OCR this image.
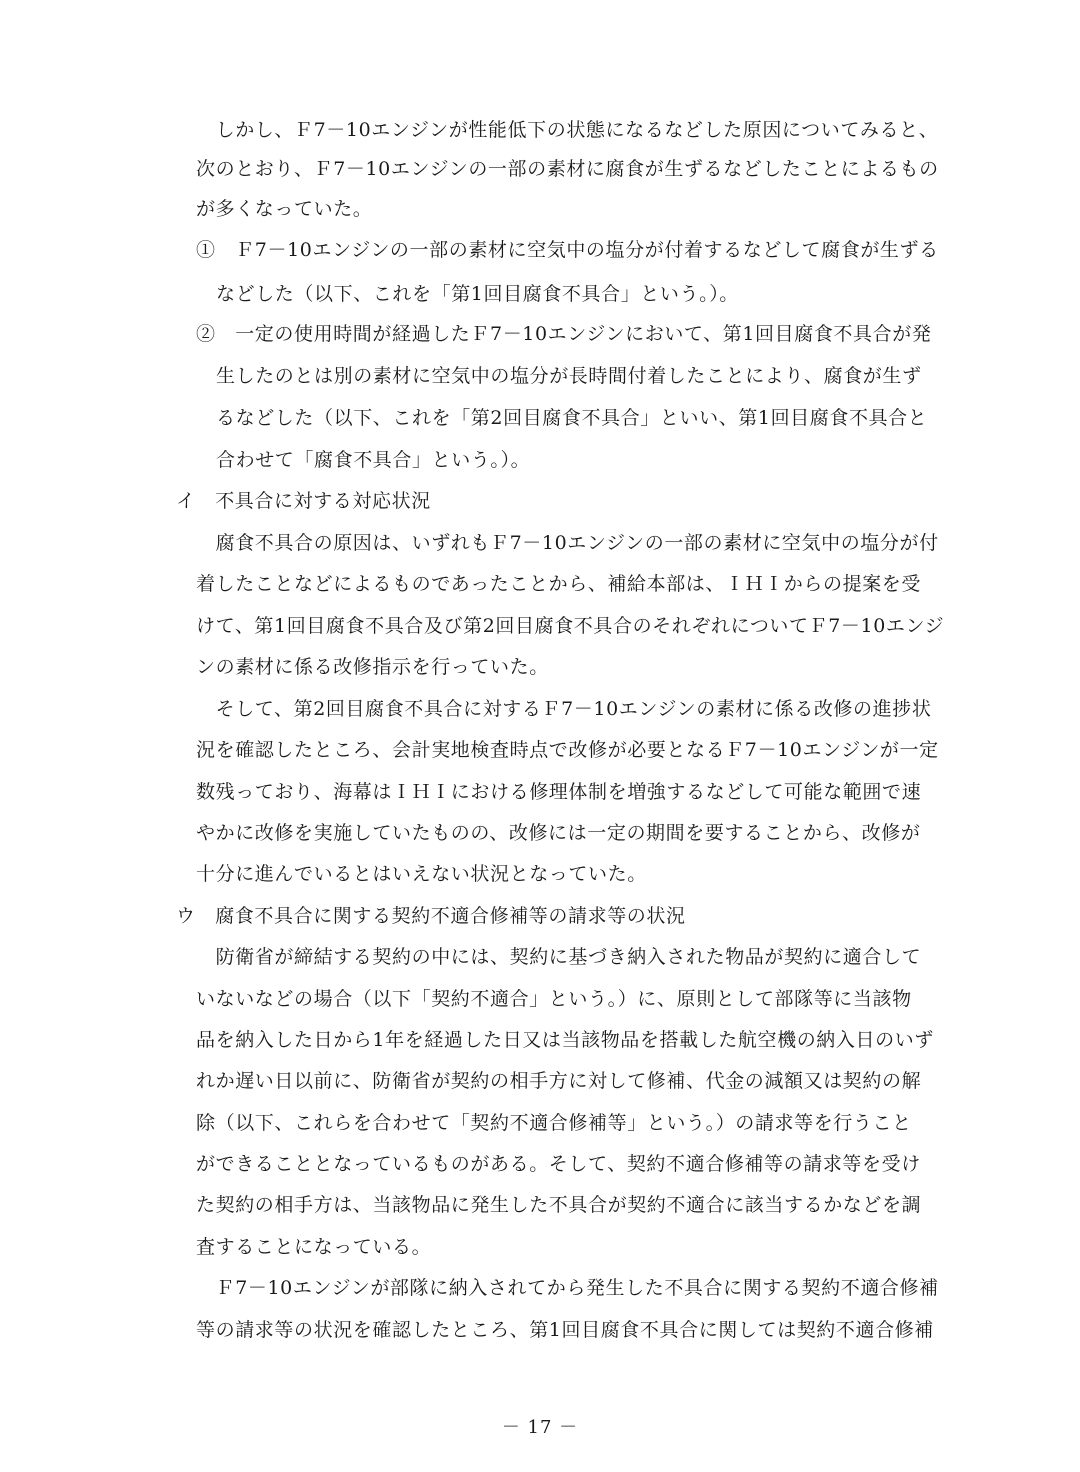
　しかし、Ｆ7－10エンジンが性能低下の状態になるなどした原因についてみると、
次のとおり、Ｆ7－10エンジンの一部の素材に腐食が生ずるなどしたことによるもの
が多くなっていた。
①　Ｆ7－10エンジンの一部の素材に空気中の塩分が付着するなどして腐食が生ずる
などした（以下、これを「第1回目腐食不具合」という。）。
②　一定の使用時間が経過したＦ7－10エンジンにおいて、第1回目腐食不具合が発
生したのとは別の素材に空気中の塩分が長時間付着したことにより、腐食が生ず
るなどした（以下、これを「第2回目腐食不具合」といい、第1回目腐食不具合と
合わせて「腐食不具合」という。）。
イ　不具合に対する対応状況
　腐食不具合の原因は、いずれもＦ7－10エンジンの一部の素材に空気中の塩分が付
着したことなどによるものであったことから、補給本部は、ＩＨＩからの提案を受
けて、第1回目腐食不具合及び第2回目腐食不具合のそれぞれについてＦ7－10エンジ
ンの素材に係る改修指示を行っていた。
　そして、第2回目腐食不具合に対するＦ7－10エンジンの素材に係る改修の進捗状
況を確認したところ、会計実地検査時点で改修が必要となるＦ7－10エンジンが一定
数残っており、海幕はＩＨＩにおける修理体制を増強するなどして可能な範囲で速
やかに改修を実施していたものの、改修には一定の期間を要することから、改修が
十分に進んでいるとはいえない状況となっていた。
ウ　腐食不具合に関する契約不適合修補等の請求等の状況
　防衛省が締結する契約の中には、契約に基づき納入された物品が契約に適合して
いないなどの場合（以下「契約不適合」という。）に、原則として部隊等に当該物
品を納入した日から1年を経過した日又は当該物品を搭載した航空機の納入日のいず
れか遅い日以前に、防衛省が契約の相手方に対して修補、代金の減額又は契約の解
除（以下、これらを合わせて「契約不適合修補等」という。）の請求等を行うこと
ができることとなっているものがある。そして、契約不適合修補等の請求等を受け
た契約の相手方は、当該物品に発生した不具合が契約不適合に該当するかなどを調
査することになっている。
　Ｆ7－10エンジンが部隊に納入されてから発生した不具合に関する契約不適合修補
等の請求等の状況を確認したところ、第1回目腐食不具合に関しては契約不適合修補
－ 17 －
